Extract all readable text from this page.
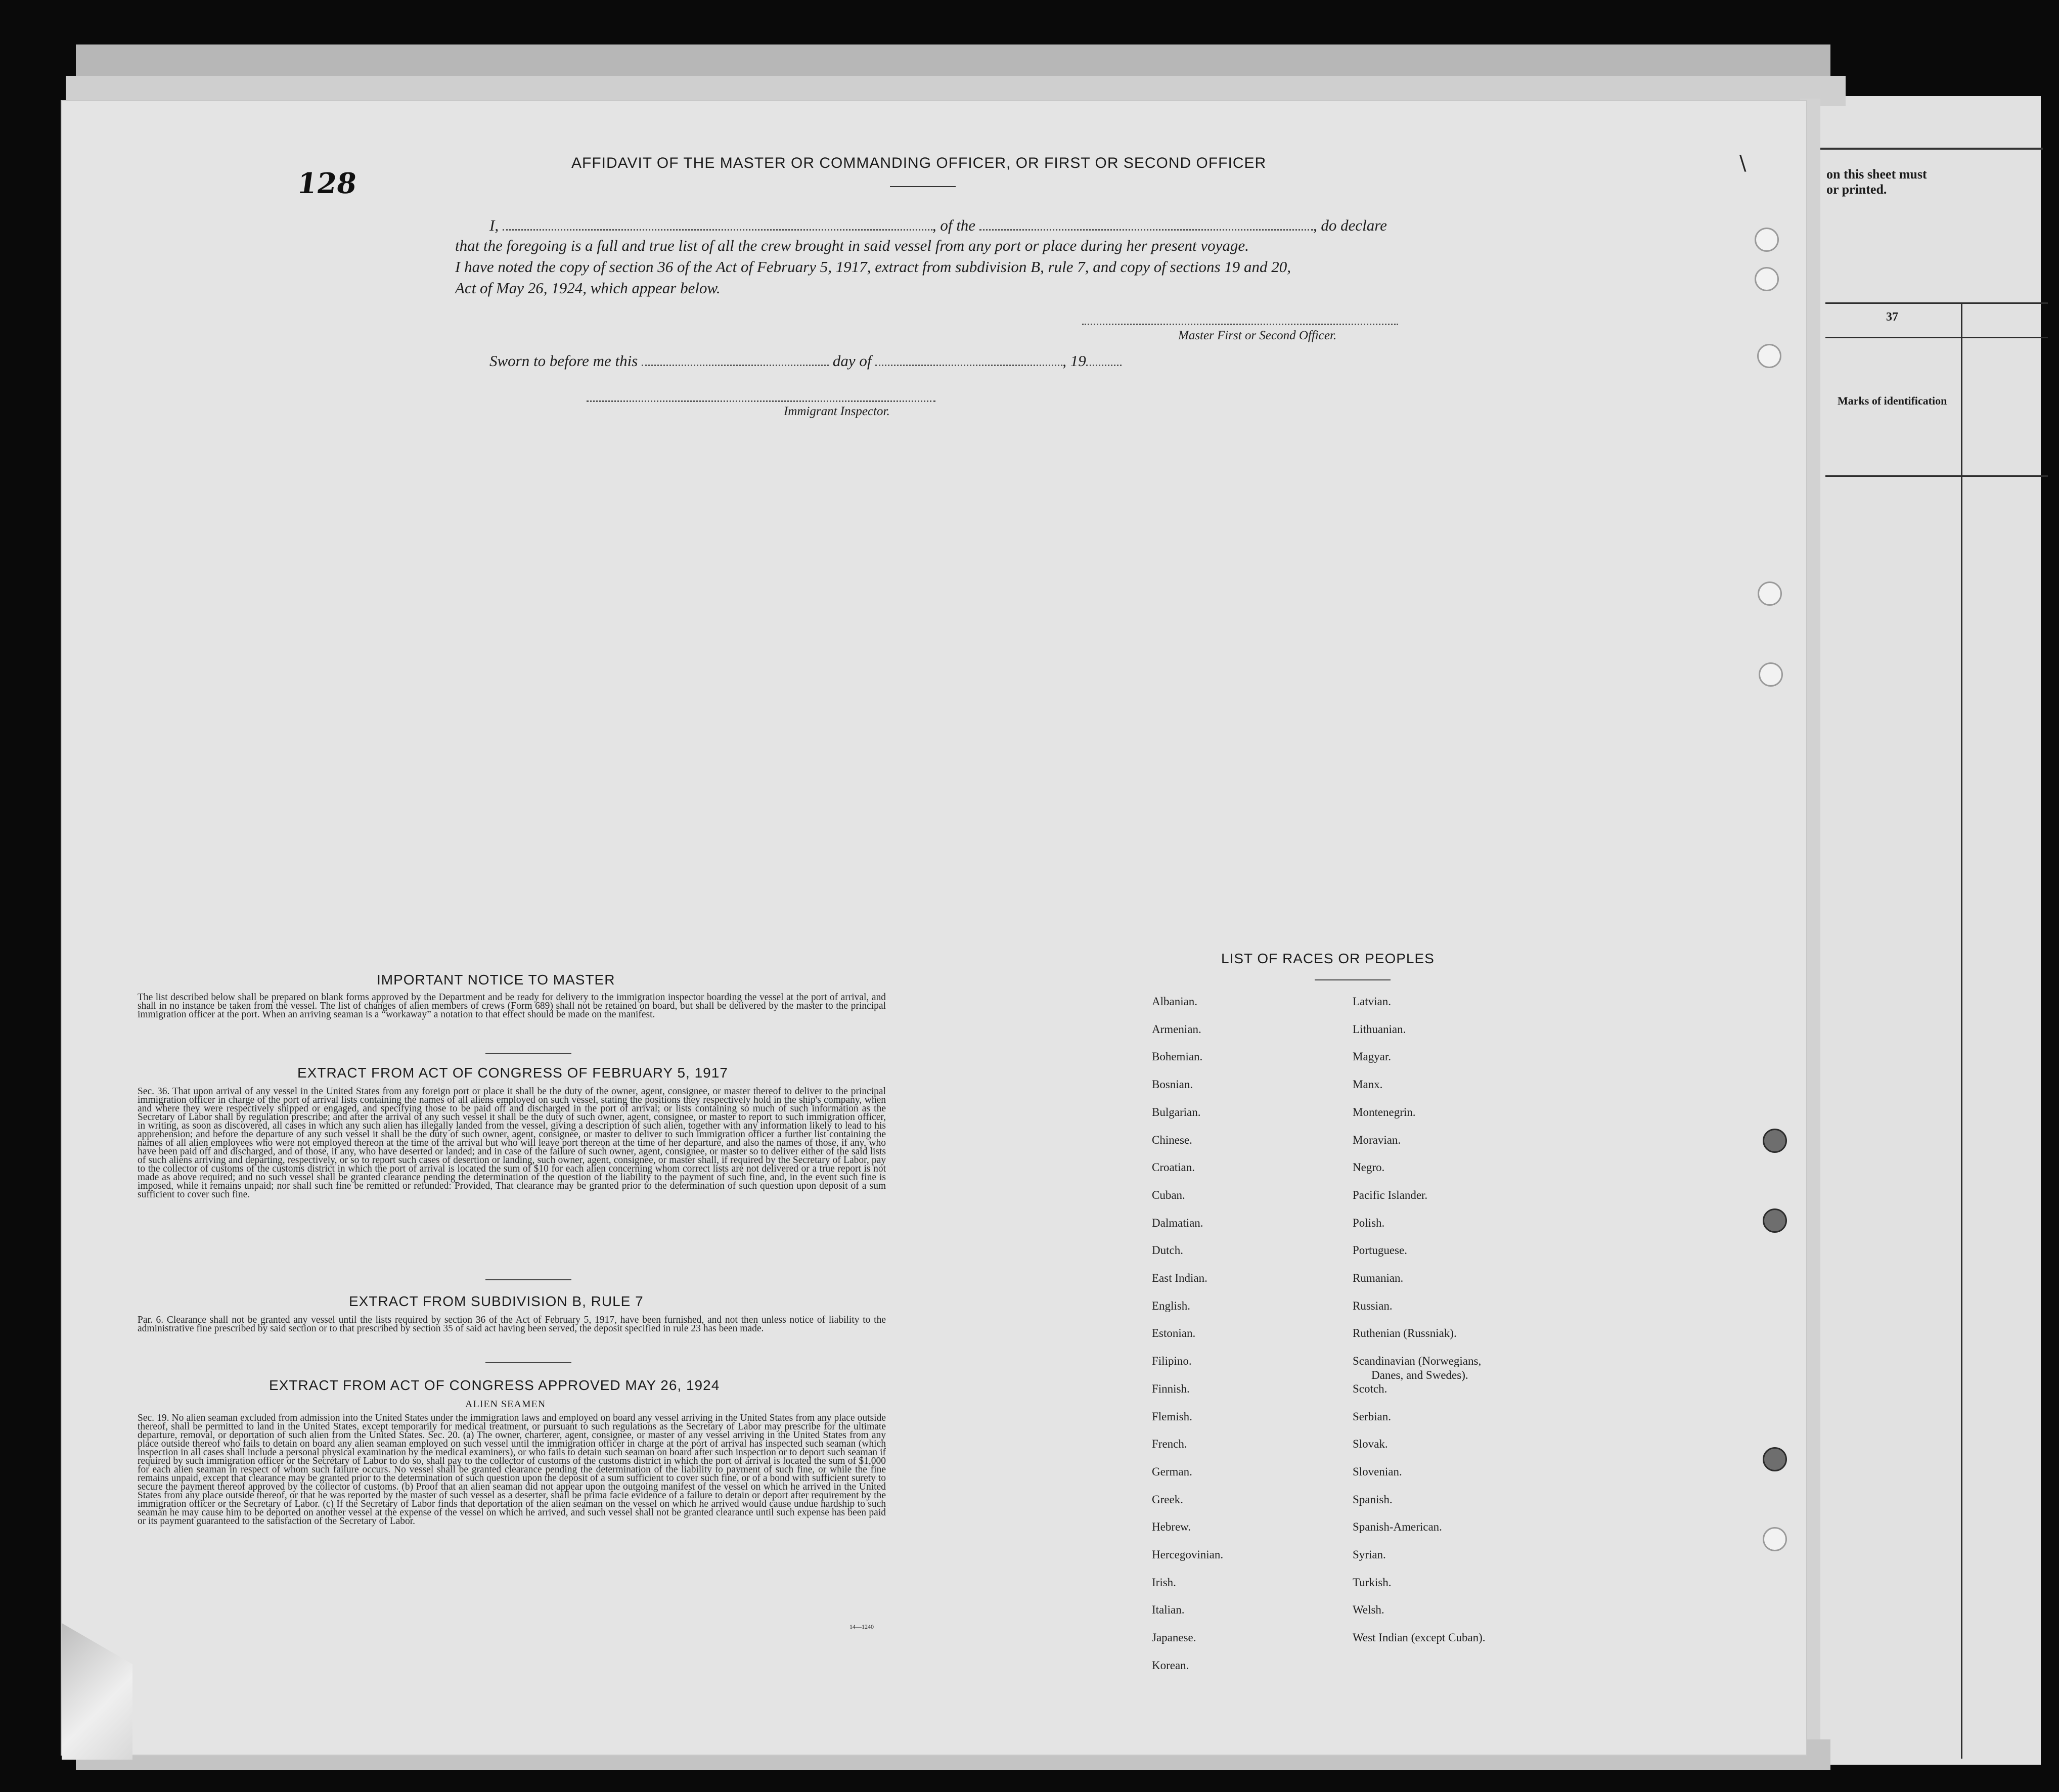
on this sheet must
or printed.
37
Marks of identification
128
\
AFFIDAVIT OF THE MASTER OR COMMANDING OFFICER, OR FIRST OR SECOND OFFICER
I,	, of the	, do declare
that the foregoing is a full and true list of all the crew brought in said vessel from any port or place during her present voyage.
I have noted the copy of section 36 of the Act of February 5, 1917, extract from subdivision B, rule 7, and copy of sections 19 and 20,
Act of May 26, 1924, which appear below.
Master First or Second Officer.
Sworn to before me this	day of	, 19
Immigrant Inspector.
IMPORTANT NOTICE TO MASTER
The list described below shall be prepared on blank forms approved by the Department and be ready for delivery to the immigration inspector boarding the vessel at the port of arrival, and shall in no instance be taken from the vessel. The list of changes of alien members of crews (Form 689) shall not be retained on board, but shall be delivered by the master to the principal immigration officer at the port. When an arriving seaman is a “workaway” a notation to that effect should be made on the manifest.
EXTRACT FROM ACT OF CONGRESS OF FEBRUARY 5, 1917
Sec. 36. That upon arrival of any vessel in the United States from any foreign port or place it shall be the duty of the owner, agent, consignee, or master thereof to deliver to the principal immigration officer in charge of the port of arrival lists containing the names of all aliens employed on such vessel, stating the positions they respectively hold in the ship's company, when and where they were respectively shipped or engaged, and specifying those to be paid off and discharged in the port of arrival; or lists containing so much of such information as the Secretary of Labor shall by regulation prescribe; and after the arrival of any such vessel it shall be the duty of such owner, agent, consignee, or master to report to such immigration officer, in writing, as soon as discovered, all cases in which any such alien has illegally landed from the vessel, giving a description of such alien, together with any information likely to lead to his apprehension; and before the departure of any such vessel it shall be the duty of such owner, agent, consignee, or master to deliver to such immigration officer a further list containing the names of all alien employees who were not employed thereon at the time of the arrival but who will leave port thereon at the time of her departure, and also the names of those, if any, who have been paid off and discharged, and of those, if any, who have deserted or landed; and in case of the failure of such owner, agent, consignee, or master so to deliver either of the said lists of such aliens arriving and departing, respectively, or so to report such cases of desertion or landing, such owner, agent, consignee, or master shall, if required by the Secretary of Labor, pay to the collector of customs of the customs district in which the port of arrival is located the sum of $10 for each alien concerning whom correct lists are not delivered or a true report is not made as above required; and no such vessel shall be granted clearance pending the determination of the question of the liability to the payment of such fine, and, in the event such fine is imposed, while it remains unpaid; nor shall such fine be remitted or refunded: Provided, That clearance may be granted prior to the determination of such question upon deposit of a sum sufficient to cover such fine.
EXTRACT FROM SUBDIVISION B, RULE 7
Par. 6. Clearance shall not be granted any vessel until the lists required by section 36 of the Act of February 5, 1917, have been furnished, and not then unless notice of liability to the administrative fine prescribed by said section or to that prescribed by section 35 of said act having been served, the deposit specified in rule 23 has been made.
EXTRACT FROM ACT OF CONGRESS APPROVED MAY 26, 1924
ALIEN SEAMEN
Sec. 19. No alien seaman excluded from admission into the United States under the immigration laws and employed on board any vessel arriving in the United States from any place outside thereof, shall be permitted to land in the United States, except temporarily for medical treatment, or pursuant to such regulations as the Secretary of Labor may prescribe for the ultimate departure, removal, or deportation of such alien from the United States. Sec. 20. (a) The owner, charterer, agent, consignee, or master of any vessel arriving in the United States from any place outside thereof who fails to detain on board any alien seaman employed on such vessel until the immigration officer in charge at the port of arrival has inspected such seaman (which inspection in all cases shall include a personal physical examination by the medical examiners), or who fails to detain such seaman on board after such inspection or to deport such seaman if required by such immigration officer or the Secretary of Labor to do so, shall pay to the collector of customs of the customs district in which the port of arrival is located the sum of $1,000 for each alien seaman in respect of whom such failure occurs. No vessel shall be granted clearance pending the determination of the liability to payment of such fine, or while the fine remains unpaid, except that clearance may be granted prior to the determination of such question upon the deposit of a sum sufficient to cover such fine, or of a bond with sufficient surety to secure the payment thereof approved by the collector of customs. (b) Proof that an alien seaman did not appear upon the outgoing manifest of the vessel on which he arrived in the United States from any place outside thereof, or that he was reported by the master of such vessel as a deserter, shall be prima facie evidence of a failure to detain or deport after requirement by the immigration officer or the Secretary of Labor. (c) If the Secretary of Labor finds that deportation of the alien seaman on the vessel on which he arrived would cause undue hardship to such seaman he may cause him to be deported on another vessel at the expense of the vessel on which he arrived, and such vessel shall not be granted clearance until such expense has been paid or its payment guaranteed to the satisfaction of the Secretary of Labor.
14—1240
LIST OF RACES OR PEOPLES
Albanian.
Armenian.
Bohemian.
Bosnian.
Bulgarian.
Chinese.
Croatian.
Cuban.
Dalmatian.
Dutch.
East Indian.
English.
Estonian.
Filipino.
Finnish.
Flemish.
French.
German.
Greek.
Hebrew.
Hercegovinian.
Irish.
Italian.
Japanese.
Korean.
Latvian.
Lithuanian.
Magyar.
Manx.
Montenegrin.
Moravian.
Negro.
Pacific Islander.
Polish.
Portuguese.
Rumanian.
Russian.
Ruthenian (Russniak).
Scandinavian (Norwegians,
Danes, and Swedes).
Scotch.
Serbian.
Slovak.
Slovenian.
Spanish.
Spanish-American.
Syrian.
Turkish.
Welsh.
West Indian (except Cuban).
